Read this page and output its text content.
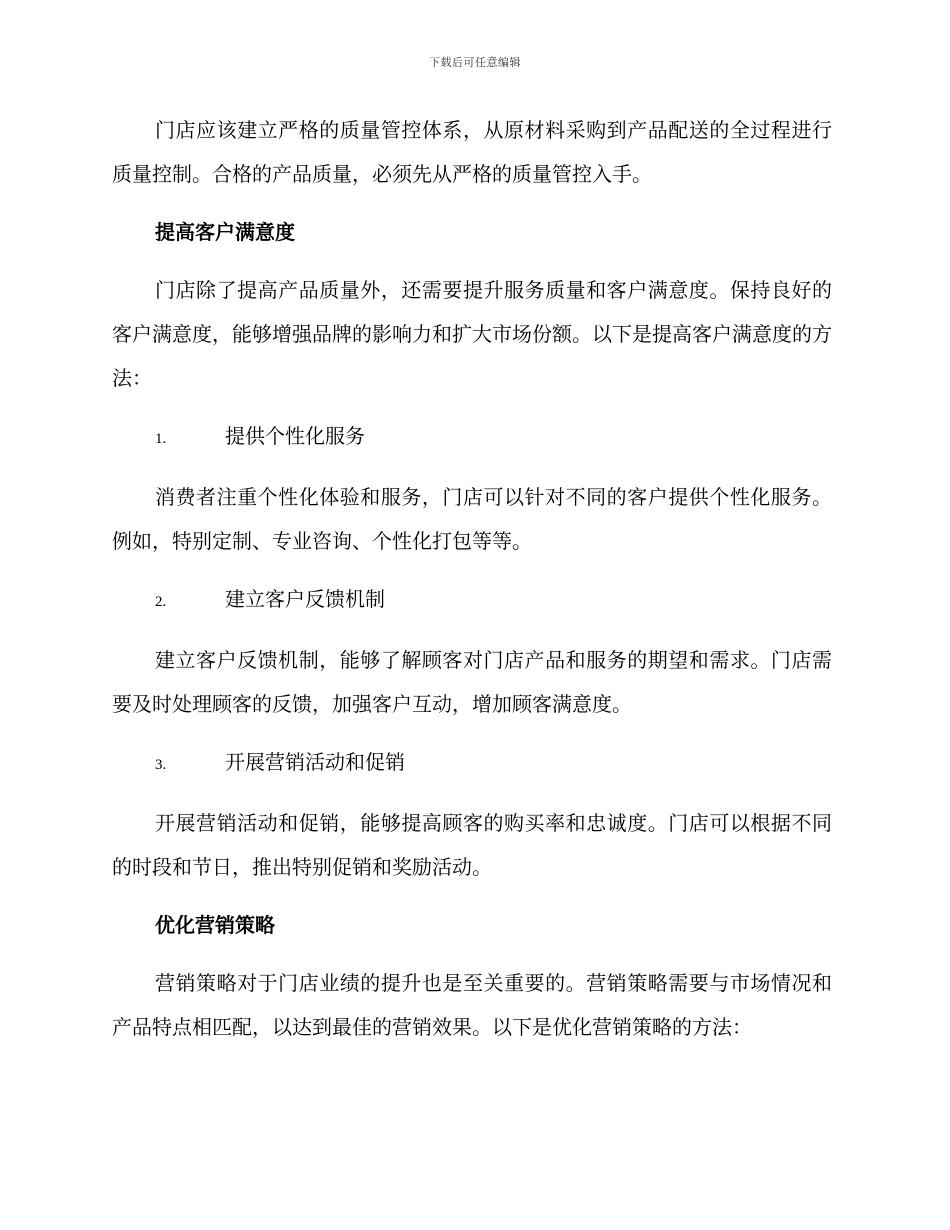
下载后可任意编辑

门店应该建立严格的质量管控体系，从原材料采购到产品配送的全过程进行质量控制。合格的产品质量，必须先从严格的质量管控入手。

提高客户满意度

门店除了提高产品质量外，还需要提升服务质量和客户满意度。保持良好的客户满意度，能够增强品牌的影响力和扩大市场份额。以下是提高客户满意度的方法：

1.	提供个性化服务

消费者注重个性化体验和服务，门店可以针对不同的客户提供个性化服务。例如，特别定制、专业咨询、个性化打包等等。

2.	建立客户反馈机制

建立客户反馈机制，能够了解顾客对门店产品和服务的期望和需求。门店需要及时处理顾客的反馈，加强客户互动，增加顾客满意度。

3.	开展营销活动和促销

开展营销活动和促销，能够提高顾客的购买率和忠诚度。门店可以根据不同的时段和节日，推出特别促销和奖励活动。

优化营销策略

营销策略对于门店业绩的提升也是至关重要的。营销策略需要与市场情况和产品特点相匹配，以达到最佳的营销效果。以下是优化营销策略的方法：
